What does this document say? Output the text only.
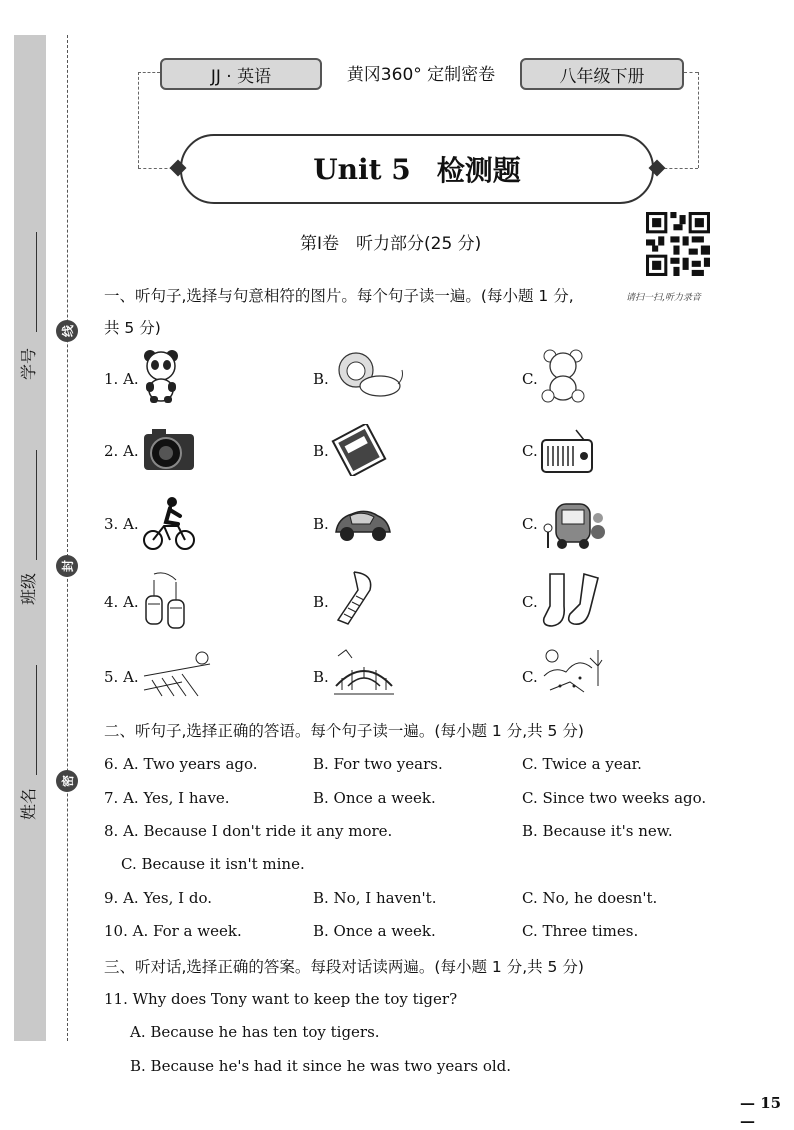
学号
班级
姓名
线
封
密
JJ · 英语	黄冈360° 定制密卷	八年级下册
Unit 5 检测题
第Ⅰ卷　听力部分(25 分)
请扫一扫,听力录音
一、听句子,选择与句意相符的图片。每个句子读一遍。(每小题 1 分,
共 5 分)
1. A.	B.	C.
2. A.	B.	C.
3. A.	B.	C.
4. A.	B.	C.
5. A.	B.	C.
二、听句子,选择正确的答语。每个句子读一遍。(每小题 1 分,共 5 分)
6. A. Two years ago.	B. For two years.	C. Twice a year.
7. A. Yes, I have.	B. Once a week.	C. Since two weeks ago.
8. A. Because I don't ride it any more.	B. Because it's new.
C. Because it isn't mine.
9. A. Yes, I do.	B. No, I haven't.	C. No, he doesn't.
10. A. For a week.	B. Once a week.	C. Three times.
三、听对话,选择正确的答案。每段对话读两遍。(每小题 1 分,共 5 分)
11. Why does Tony want to keep the toy tiger?
A. Because he has ten toy tigers.
B. Because he's had it since he was two years old.
— 15 —
